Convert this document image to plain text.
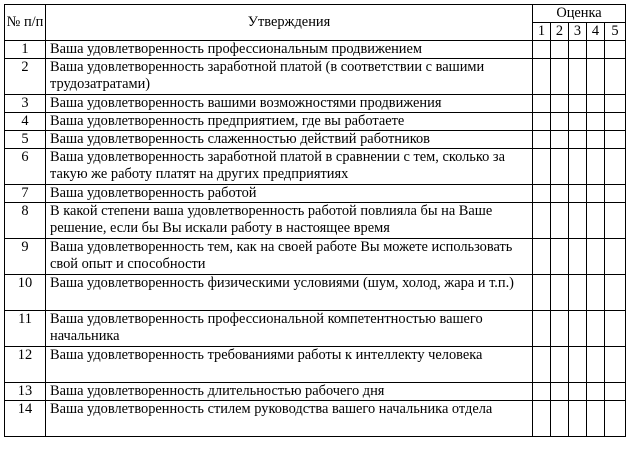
№ п/п	Утверждения	Оценка				
		1	2	3	4	5
1	Ваша удовлетворенность профессиональным продвижением					
2	Ваша удовлетворенность заработной платой (в соответствии с вашими трудозатратами)					
3	Ваша удовлетворенность вашими возможностями продвижения					
4	Ваша удовлетворенность предприятием, где вы работаете					
5	Ваша удовлетворенность слаженностью действий работников					
6	Ваша удовлетворенность заработной платой в сравнении с тем, сколько за такую же работу платят на других предприятиях					
7	Ваша удовлетворенность работой					
8	В какой степени ваша удовлетворенность работой повлияла бы на Ваше решение, если бы Вы искали работу в настоящее время					
9	Ваша удовлетворенность тем, как на своей работе Вы можете использовать свой опыт и способности					
10	Ваша удовлетворенность физическими условиями (шум, холод, жара и т.п.)					
11	Ваша удовлетворенность профессиональной компетентностью вашего начальника					
12	Ваша удовлетворенность требованиями работы к интеллекту человека					
13	Ваша удовлетворенность длительностью рабочего дня					
14	Ваша удовлетворенность стилем руководства вашего начальника отдела					
